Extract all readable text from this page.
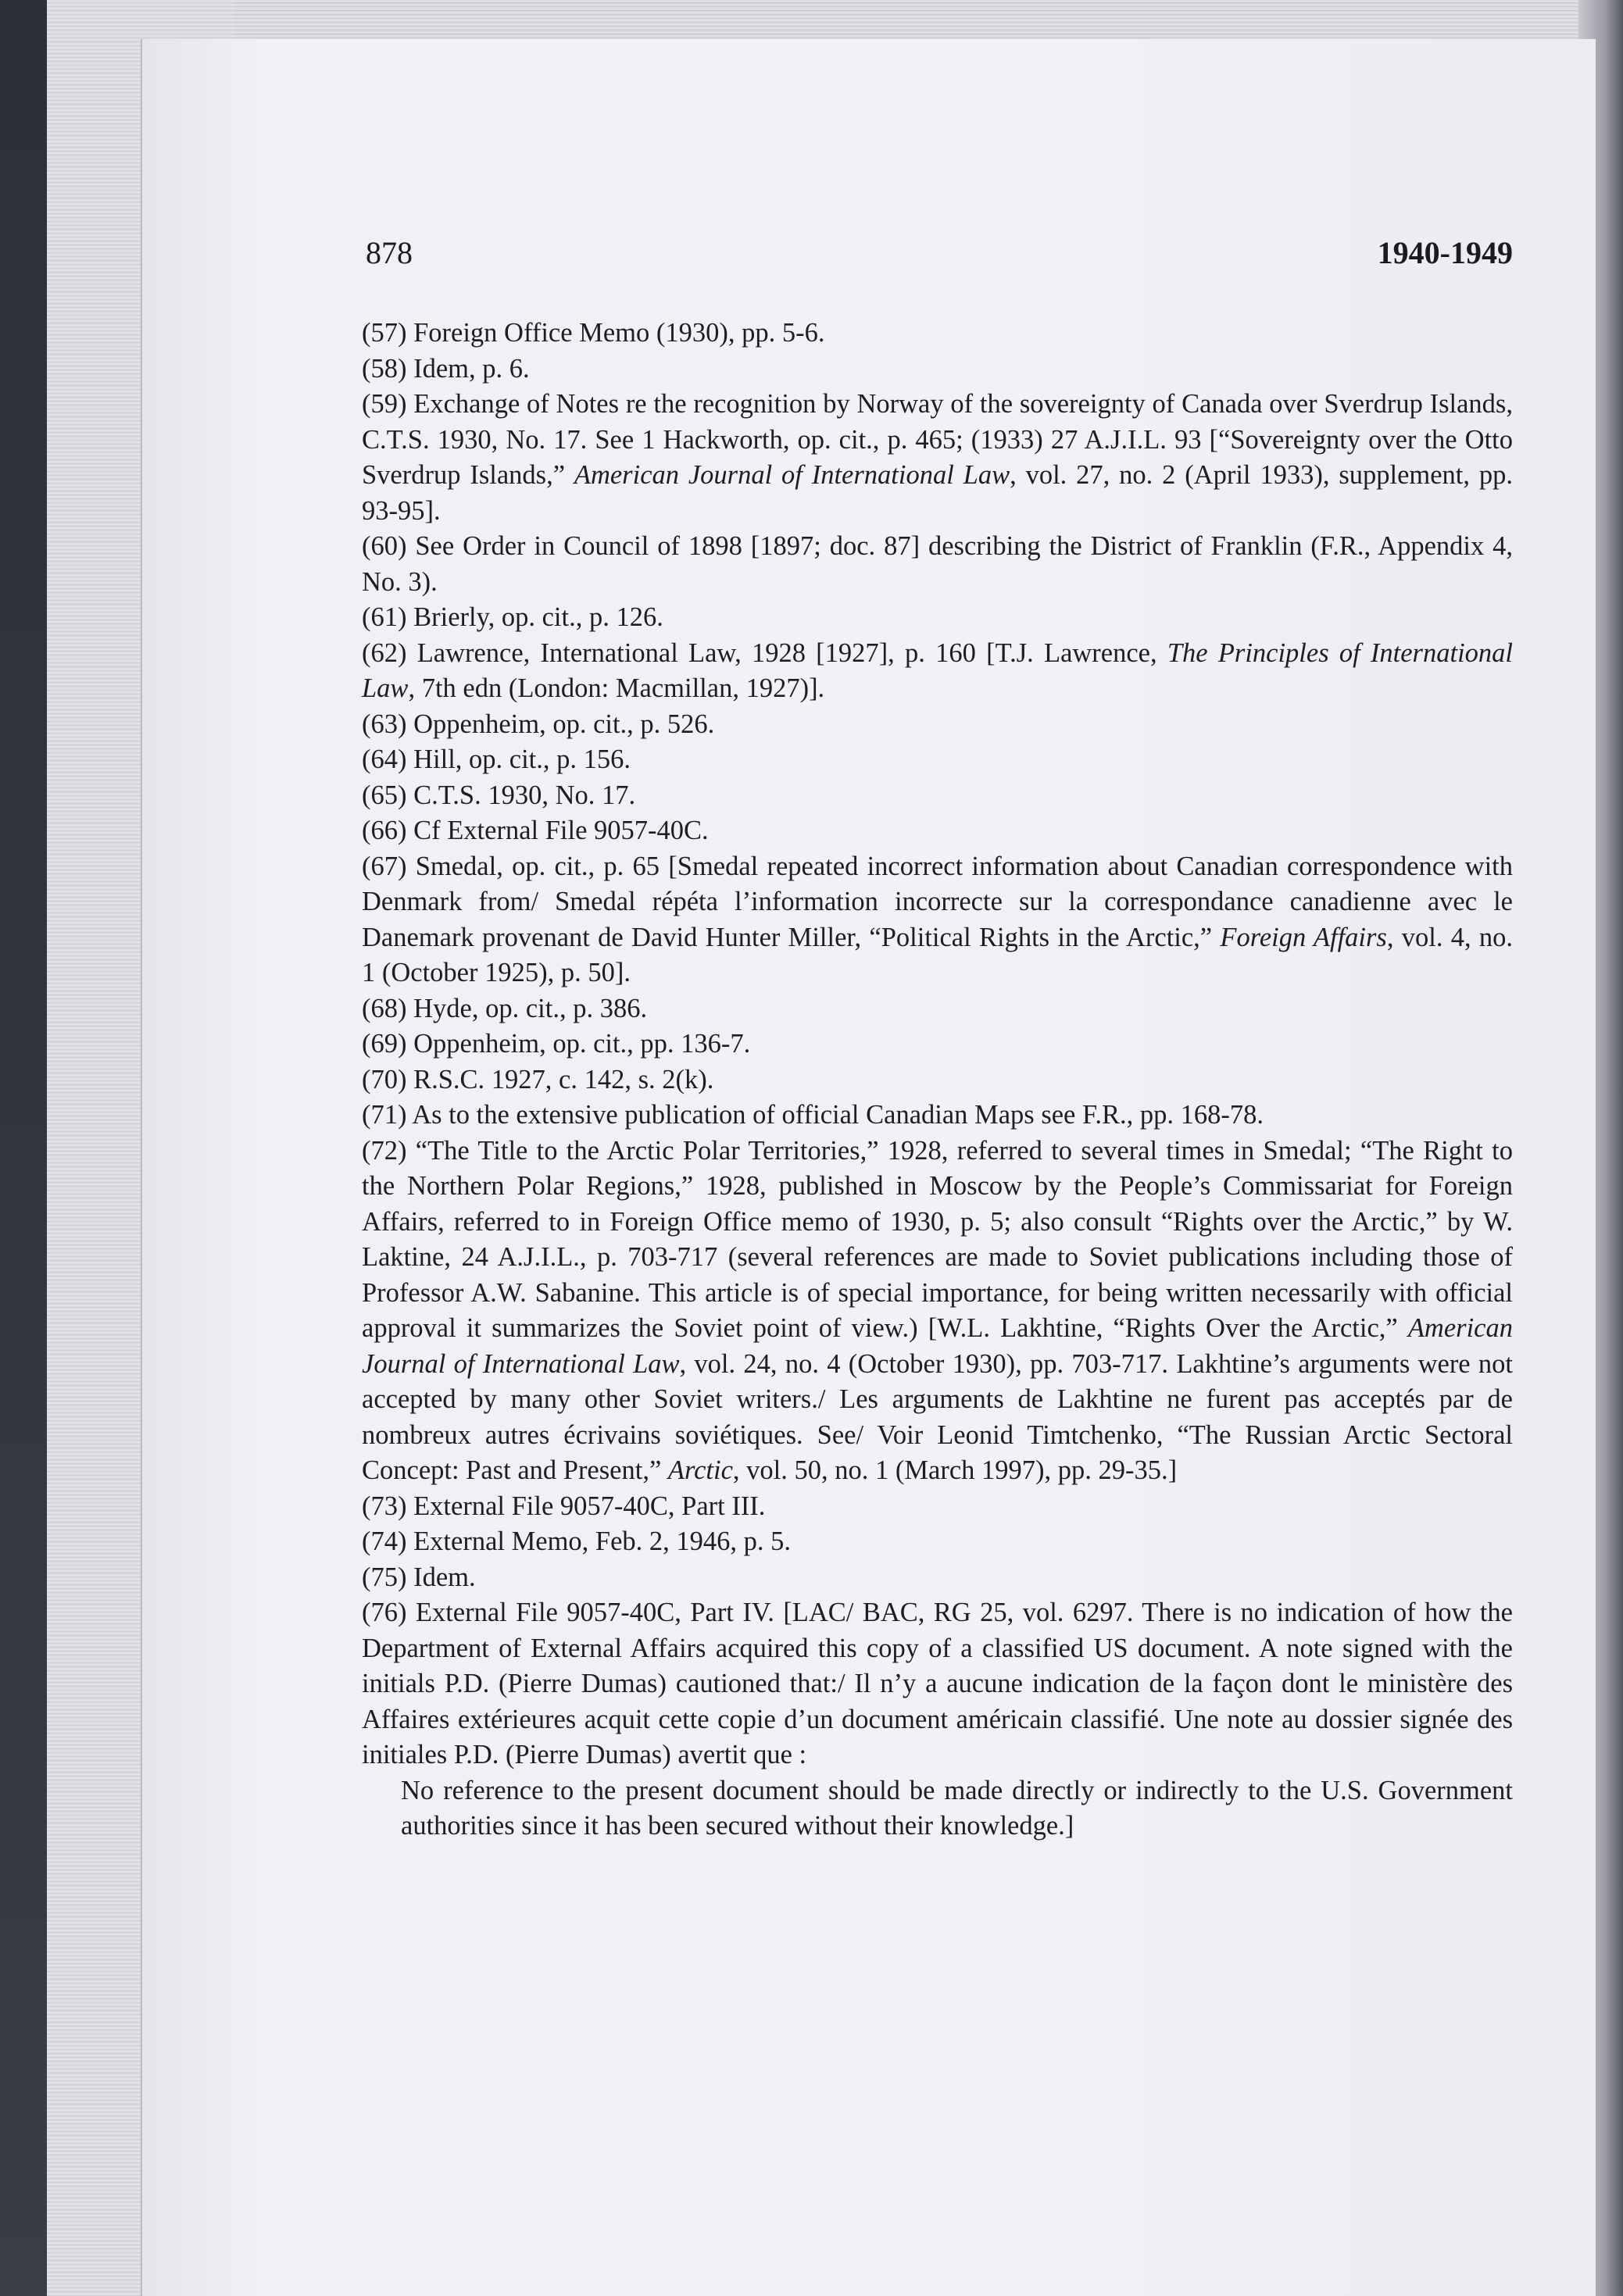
878	1940-1949

(57) Foreign Office Memo (1930), pp. 5-6.

(58) Idem, p. 6.

(59) Exchange of Notes re the recognition by Norway of the sovereignty of Canada over Sverdrup Islands, C.T.S. 1930, No. 17. See 1 Hackworth, op. cit., p. 465; (1933) 27 A.J.I.L. 93 [“Sovereignty over the Otto Sverdrup Islands,” American Journal of International Law, vol. 27, no. 2 (April 1933), supplement, pp. 93-95].

(60) See Order in Council of 1898 [1897; doc. 87] describing the District of Franklin (F.R., Appendix 4, No. 3).

(61) Brierly, op. cit., p. 126.

(62) Lawrence, International Law, 1928 [1927], p. 160 [T.J. Lawrence, The Principles of International Law, 7th edn (London: Macmillan, 1927)].

(63) Oppenheim, op. cit., p. 526.

(64) Hill, op. cit., p. 156.

(65) C.T.S. 1930, No. 17.

(66) Cf External File 9057-40C.

(67) Smedal, op. cit., p. 65 [Smedal repeated incorrect information about Canadian correspondence with Denmark from/ Smedal répéta l’information incorrecte sur la correspondance canadienne avec le Danemark provenant de David Hunter Miller, “Political Rights in the Arctic,” Foreign Affairs, vol. 4, no. 1 (October 1925), p. 50].

(68) Hyde, op. cit., p. 386.

(69) Oppenheim, op. cit., pp. 136-7.

(70) R.S.C. 1927, c. 142, s. 2(k).

(71) As to the extensive publication of official Canadian Maps see F.R., pp. 168-78.

(72) “The Title to the Arctic Polar Territories,” 1928, referred to several times in Smedal; “The Right to the Northern Polar Regions,” 1928, published in Moscow by the People’s Commissariat for Foreign Affairs, referred to in Foreign Office memo of 1930, p. 5; also consult “Rights over the Arctic,” by W. Laktine, 24 A.J.I.L., p. 703-717 (several references are made to Soviet publications including those of Professor A.W. Sabanine. This article is of special importance, for being written necessarily with official approval it summarizes the Soviet point of view.) [W.L. Lakhtine, “Rights Over the Arctic,” American Journal of International Law, vol. 24, no. 4 (October 1930), pp. 703-717. Lakhtine’s arguments were not accepted by many other Soviet writers./ Les arguments de Lakhtine ne furent pas acceptés par de nombreux autres écrivains soviétiques. See/ Voir Leonid Timtchenko, “The Russian Arctic Sectoral Concept: Past and Present,” Arctic, vol. 50, no. 1 (March 1997), pp. 29-35.]

(73) External File 9057-40C, Part III.

(74) External Memo, Feb. 2, 1946, p. 5.

(75) Idem.

(76) External File 9057-40C, Part IV. [LAC/ BAC, RG 25, vol. 6297. There is no indication of how the Department of External Affairs acquired this copy of a classified US document. A note signed with the initials P.D. (Pierre Dumas) cautioned that:/ Il n’y a aucune indication de la façon dont le ministère des Affaires extérieures acquit cette copie d’un document américain classifié. Une note au dossier signée des initiales P.D. (Pierre Dumas) avertit que :

No reference to the present document should be made directly or indirectly to the U.S. Government authorities since it has been secured without their knowledge.]
